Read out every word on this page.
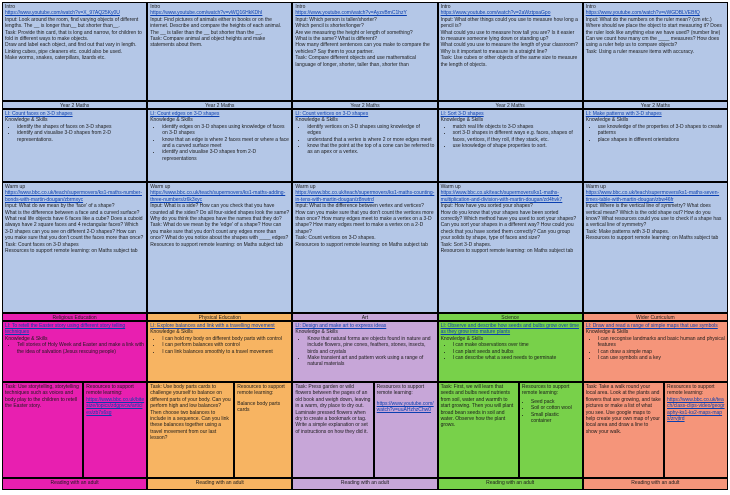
Intro
https://www.youtube.com/watch?v=X_97AQ25Ky0U
Input: Look around the room, find varying objects of different lengths. The __ is longer than__ but shorter than__.
Task: Provide thin card, that is long and narrow, for children to fold in different ways to make objects.
Draw and label each object, and find out that vary in length. Linking cubes, pipe cleaners etc. could also be used.
Make worms, snakes, caterpillars, lizards etc.
Intro
https://www.youtube.com/watch?v=vWQ16HkKDhI
Input: Find pictures of animals either in books or on the internet. Describe and compare the heights of each animal. The __ is taller than the __ but shorter than the __.
Task: Compare animal and object heights and make statements about them.
Intro
https://www.youtube.com/watch?v=AyzvBmC1hzY
Input: Which person is taller/shorter?
Which pencil is shorter/longer?
Are we measuring the height or length of something?
What is the same? What is different?
How many different sentences can you make to compare the vehicles? Say them to your partner.
Task: Compare different objects and use mathematical language of longer, shorter, taller than, shorter than
Intro
https://www.youtube.com/watch?v=2aWztpsaGpo
Input: What other things could you use to measure how long a pencil is?
What could you use to measure how tall you are? Is it easier to measure someone lying down or standing up?
What could you use to measure the length of your classroom?
Why is it important to measure in a straight line?
Task: Use cubes or other objects of the same size to measure the length of objects.
Intro
https://www.youtube.com/watch?v=vWGDBLVEBfQ
Input: What do the numbers on the ruler mean? (cm etc.) Where should we place the object to start measuring it? Does the ruler look like anything else we have used? (number line) Can we count how many cm the ____ measures? How does using a ruler help us to compare objects?
Task: Using a ruler measure items with accuracy.
Year 2 Maths	Year 2 Maths	Year 2 Maths	Year 2 Maths	Year 2 Maths
LI: Count faces on 3-D shapes
Knowledge & Skills
• identify the shapes of faces on 3-D shapes
• identify and visualise 3-D shapes from 2-D representations.
LI: Count edges on 3-D shapes
Knowledge & Skills
• identify edges on 3-D shapes using knowledge of faces on 3-D shapes
• know that an edge is where 2 faces meet or where a face and a curved surface meet
• identify and visualise 3-D shapes from 2-D representations
LI: Count vertices on 3-D shapes
Knowledge & Skills
• identify vertices on 3-D shapes using knowledge of edges
• understand that a vertex is where 2 or more edges meet
• know that the point at the top of a cone can be referred to as an apex or a vertex.
LI: Sort 3-D shapes
Knowledge & Skills
• match real life objects to 3-D shapes
• sort 3-D shapes in different ways e.g. faces, shapes of faces, vertices, if they roll, if they stack, etc.
• use knowledge of shape properties to sort.
LI: Make patterns with 3-D shapes
Knowledge & Skills
• use knowledge of the properties of 3-D shapes to create patterns
• place shapes in different orientations
Warm up
https://www.bbc.co.uk/teach/supermovers/ks1-maths-number-bonds-with-martin-dougan/zbrmxyc
Input: What do we mean by the 'face' of a shape?
What is the difference between a face and a curved surface? What real life objects have 6 faces like a cube? Does a cuboid always have 2 square faces and 4 rectangular faces? Which 3-D shapes can you see on different 2-D shapes? How can you make sure that you don't count the faces more than once?
Task: Count faces on 3-D shapes
Resources to support remote learning: on Maths subject tab
Warm up
https://www.bbc.co.uk/teach/supermovers/ks1-maths-adding-three-numbers/z6k3xyc
Input: What is a side? How can you check that you have counted all the sides? Do all four-sided shapes look the same? Why do you think the shapes have the names that they do?
Task: What do we mean by the 'edge' of a shape? How can you make sure that you don't count any edges more than once? What do you notice about the shapes with ____ edges?
Resources to support remote learning: on Maths subject tab
Warm up
https://www.bbc.co.uk/teach/supermovers/ks1-maths-counting-in-tens-with-martin-dougan/z8nwtrd
Input: What is the difference between vertex and vertices? How can you make sure that you don't count the vertices more than once? How many edges meet to make a vertex on a 3-D shape? How many edges meet to make a vertex on a 2-D shape?
Task: Count vertices on 3-D shapes.
Resources to support remote learning: on Maths subject tab
Warm up
https://www.bbc.co.uk/teach/supermovers/ks1-maths-multiplication-and-division-with-martin-dougan/zd4hvk7
Input: How have you sorted your shapes?
How do you know that your shapes have been sorted correctly? Which method have you used to sort your shapes? Can you sort your shapes in a different way? How could you check that you have sorted them correctly? Can you group your solids by shape, type of faces and size?
Task: Sort 3-D shapes.
Resources to support remote learning: on Maths subject tab
Warm up
https://www.bbc.co.uk/teach/supermovers/ks1-maths-seven-times-table-with-martin-dougan/zbw46fr
Input: Where is the vertical line of symmetry? What does vertical mean? Which is the odd shape out? How do you know? What resources could you use to check if a shape has a vertical line of symmetry?
Task: Make patterns with 3-D shapes.
Resources to support remote learning: on Maths subject tab
Religious Education	Physical Education	Art	Science	Wider Curriculum
LI: To retell the Easter story using different story telling techniques
Knowledge & Skills
• Tell stories of Holy Week and Easter and make a link with the idea of salvation (Jesus rescuing people)
LI: Explore balances and link with a travelling movement
Knowledge & Skills
• I can hold my body on different body parts with control
• I can perform balances with control
• I can link balances smoothly to a travel movement
LI: Design and make art to express ideas
Knowledge & Skills
• Know that natural forms are objects found in nature and include flowers, pine cones, feathers, stones, insects, birds and crystals
• Make transient art and pattern work using a range of natural materials
LI: Observe and describe how seeds and bulbs grow over time as they grow into mature plants
Knowledge & Skills
• I can make observations over time
• I can plant seeds and bulbs
• I can describe what a seed needs to germinate
LI: Draw and read a range of simple maps that use symbols
Knowledge & Skills
• I can recognise landmarks and basic human and physical features
• I can draw a simple map
• I can use symbols and a key
Task: Use storytelling, storytelling techniques such as voices and body play to the children to retell the Easter story.
Resources to support remote learning:
https://www.bbc.co.uk/bitesize/topics/zdgpvcw/articles/zb7s6sg
Task: Use body parts cards to challenge yourself to balance on different parts of your body. Can you perform high and low balances? Then choose two balances to include in a sequence. Can you link these balances together using a travel movement from our last lesson?
Resources to support remote learning:
Balance body parts cards
Task: Press garden or wild flowers between the pages of an old book and weigh down, leaving in a warm, dry place to dry out. Laminate pressed flowers when dry to create a bookmark or tag. Write a simple explanation or set of instructions on how they did it.
Resources to support remote learning:
https://www.youtube.com/watch?v=uuAHzhzChw0
Task: First, we will learn that seeds and bulbs need nutrients from soil, water and warmth to start growing. Then you will plant broad bean seeds in soil and water. Observe how the plant grows.
Resources to support remote learning:
• Seed pack
• Soil or cotton wool
• Small plastic container
Task: Take a walk round your local area. Look at the plants and flowers that are growing, and take pictures or make a list of what you see. Use google maps to help create your own map of your local area and draw a line to show your walk.
Resources to support remote learning:
https://www.bbc.co.uk/teach/class-clips-video/geography-ks1-ks2-maps-maps/zrvjtrd
Reading with an adult	Reading with an adult	Reading with an adult	Reading with an adult	Reading with an adult
